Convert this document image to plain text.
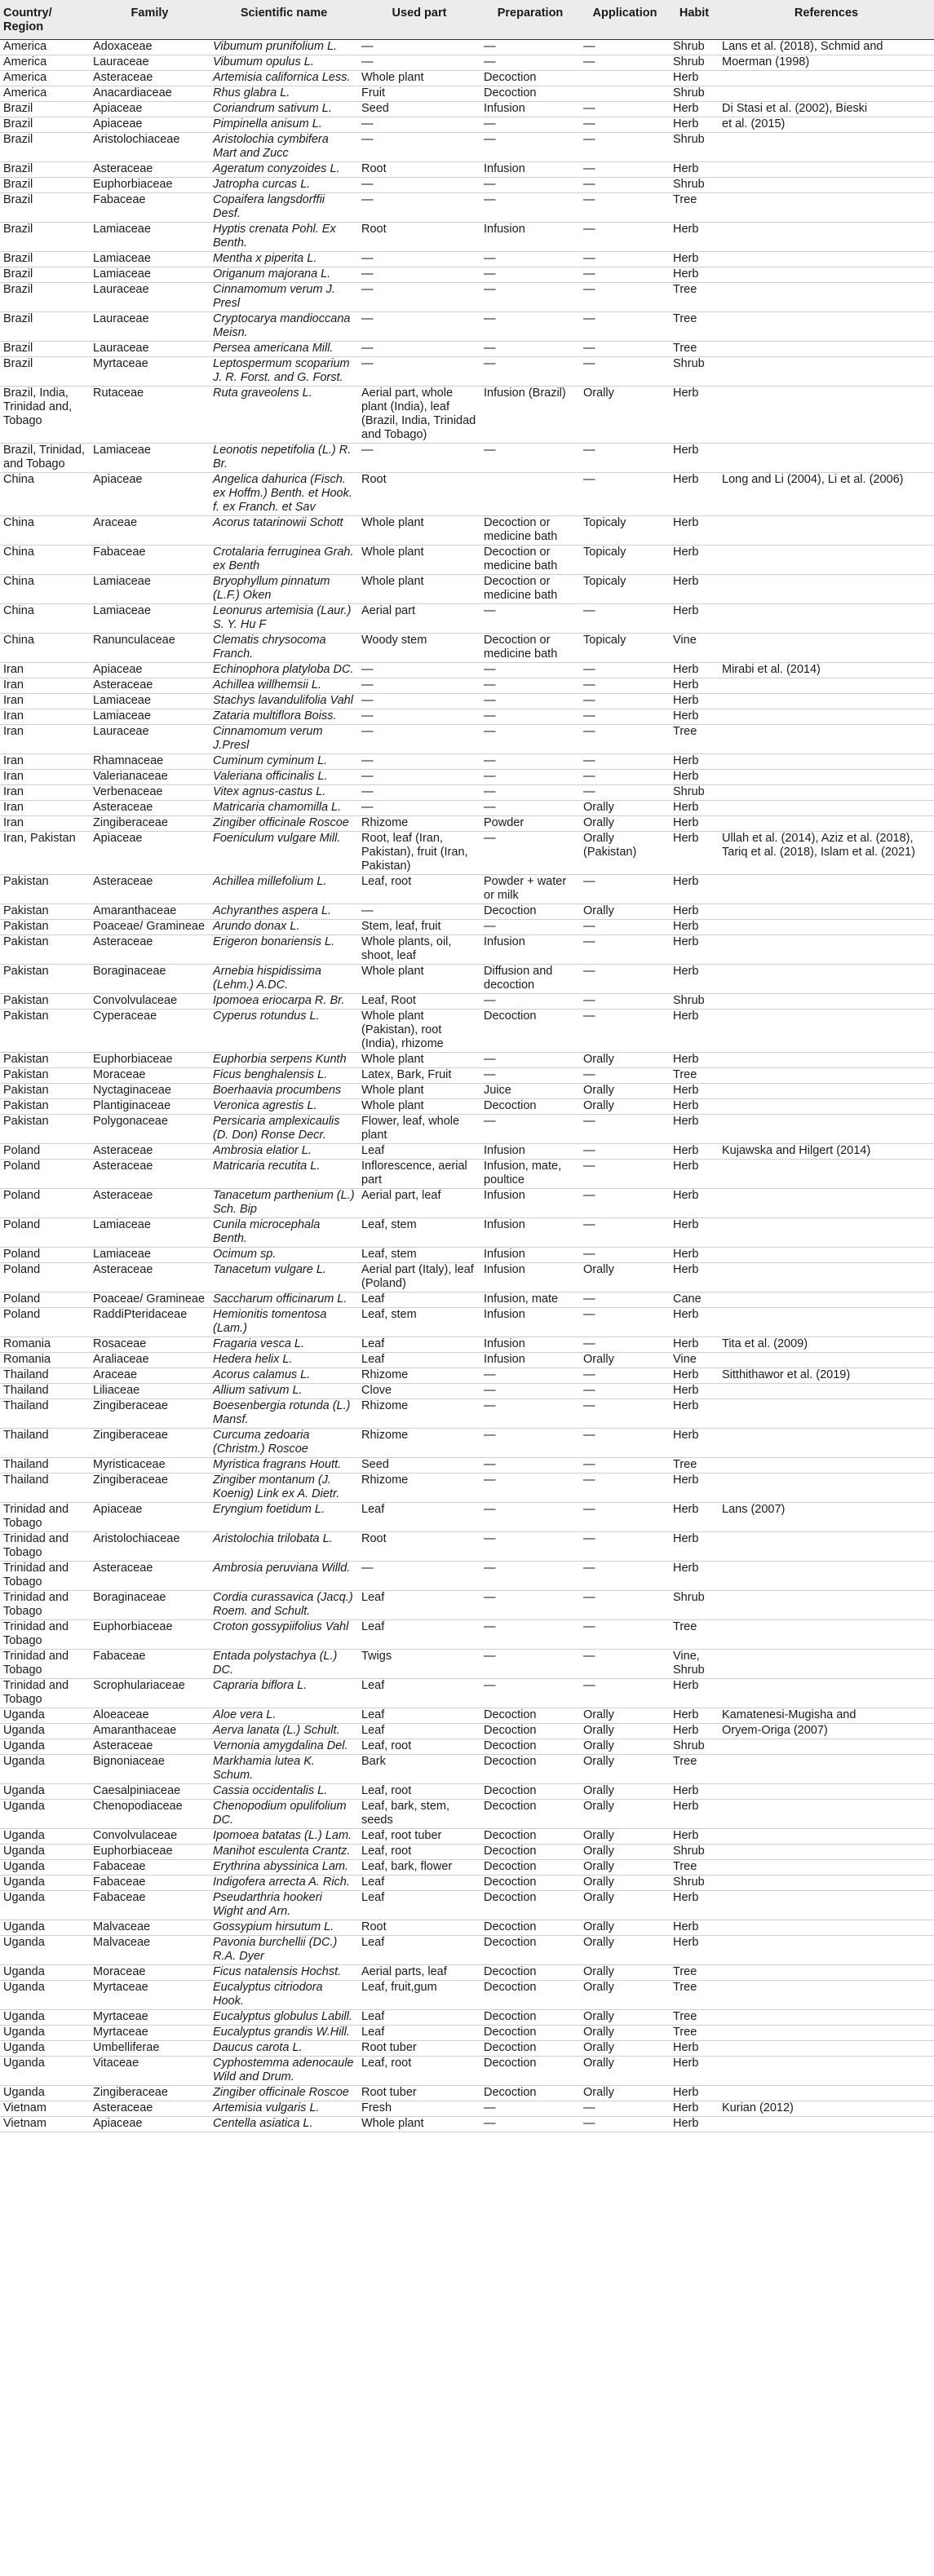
Country/ Region	Family	Scientific name	Used part	Preparation	Application	Habit	References
America	Adoxaceae	Vibumum prunifolium L.	—	—	—	Shrub	Lans et al. (2018), Schmid and
America	Lauraceae	Vibumum opulus L.	—	—	—	Shrub	Moerman (1998)
America	Asteraceae	Artemisia californica Less.	Whole plant	Decoction		Herb	
America	Anacardiaceae	Rhus glabra L.	Fruit	Decoction		Shrub	
Brazil	Apiaceae	Coriandrum sativum L.	Seed	Infusion	—	Herb	Di Stasi et al. (2002), Bieski
Brazil	Apiaceae	Pimpinella anisum L.	—	—	—	Herb	et al. (2015)
Brazil	Aristolochiaceae	Aristolochia cymbifera Mart and Zucc	—	—	—	Shrub	
Brazil	Asteraceae	Ageratum conyzoides L.	Root	Infusion	—	Herb	
Brazil	Euphorbiaceae	Jatropha curcas L.	—	—	—	Shrub	
Brazil	Fabaceae	Copaifera langsdorffii Desf.	—	—	—	Tree	
Brazil	Lamiaceae	Hyptis crenata Pohl. Ex Benth.	Root	Infusion	—	Herb	
Brazil	Lamiaceae	Mentha x piperita L.	—	—	—	Herb	
Brazil	Lamiaceae	Origanum majorana L.	—	—	—	Herb	
Brazil	Lauraceae	Cinnamomum verum J. Presl	—	—	—	Tree	
Brazil	Lauraceae	Cryptocarya mandioccana Meisn.	—	—	—	Tree	
Brazil	Lauraceae	Persea americana Mill.	—	—	—	Tree	
Brazil	Myrtaceae	Leptospermum scoparium J. R. Forst. and G. Forst.	—	—	—	Shrub	
Brazil, India, Trinidad and, Tobago	Rutaceae	Ruta graveolens L.	Aerial part, whole plant (India), leaf (Brazil, India, Trinidad and Tobago)	Infusion (Brazil)	Orally	Herb	
Brazil, Trinidad, and Tobago	Lamiaceae	Leonotis nepetifolia (L.) R. Br.	—	—	—	Herb	
China	Apiaceae	Angelica dahurica (Fisch. ex Hoffm.) Benth. et Hook. f. ex Franch. et Sav	Root		—	Herb	Long and Li (2004), Li et al. (2006)
China	Araceae	Acorus tatarinowii Schott	Whole plant	Decoction or medicine bath	Topicaly	Herb	
China	Fabaceae	Crotalaria ferruginea Grah. ex Benth	Whole plant	Decoction or medicine bath	Topicaly	Herb	
China	Lamiaceae	Bryophyllum pinnatum (L.F.) Oken	Whole plant	Decoction or medicine bath	Topicaly	Herb	
China	Lamiaceae	Leonurus artemisia (Laur.) S. Y. Hu F	Aerial part	—	—	Herb	
China	Ranunculaceae	Clematis chrysocoma Franch.	Woody stem	Decoction or medicine bath	Topicaly	Vine	
Iran	Apiaceae	Echinophora platyloba DC.	—	—	—	Herb	Mirabi et al. (2014)
Iran	Asteraceae	Achillea willhemsii L.	—	—	—	Herb	
Iran	Lamiaceae	Stachys lavandulifolia Vahl	—	—	—	Herb	
Iran	Lamiaceae	Zataria multiflora Boiss.	—	—	—	Herb	
Iran	Lauraceae	Cinnamomum verum J.Presl	—	—	—	Tree	
Iran	Rhamnaceae	Cuminum cyminum L.	—	—	—	Herb	
Iran	Valerianaceae	Valeriana officinalis L.	—	—	—	Herb	
Iran	Verbenaceae	Vitex agnus-castus L.	—	—	—	Shrub	
Iran	Asteraceae	Matricaria chamomilla L.	—	—	Orally	Herb	
Iran	Zingiberaceae	Zingiber officinale Roscoe	Rhizome	Powder	Orally	Herb	
Iran, Pakistan	Apiaceae	Foeniculum vulgare Mill.	Root, leaf (Iran, Pakistan), fruit (Iran, Pakistan)	—	Orally (Pakistan)	Herb	Ullah et al. (2014), Aziz et al. (2018), Tariq et al. (2018), Islam et al. (2021)
Pakistan	Asteraceae	Achillea millefolium L.	Leaf, root	Powder + water or milk	—	Herb	
Pakistan	Amaranthaceae	Achyranthes aspera L.	—	Decoction	Orally	Herb	
Pakistan	Poaceae/ Gramineae	Arundo donax L.	Stem, leaf, fruit	—	—	Herb	
Pakistan	Asteraceae	Erigeron bonariensis L.	Whole plants, oil, shoot, leaf	Infusion	—	Herb	
Pakistan	Boraginaceae	Arnebia hispidissima (Lehm.) A.DC.	Whole plant	Diffusion and decoction	—	Herb	
Pakistan	Convolvulaceae	Ipomoea eriocarpa R. Br.	Leaf, Root	—	—	Shrub	
Pakistan	Cyperaceae	Cyperus rotundus L.	Whole plant (Pakistan), root (India), rhizome	Decoction	—	Herb	
Pakistan	Euphorbiaceae	Euphorbia serpens Kunth	Whole plant	—	Orally	Herb	
Pakistan	Moraceae	Ficus benghalensis L.	Latex, Bark, Fruit	—	—	Tree	
Pakistan	Nyctaginaceae	Boerhaavia procumbens	Whole plant	Juice	Orally	Herb	
Pakistan	Plantiginaceae	Veronica agrestis L.	Whole plant	Decoction	Orally	Herb	
Pakistan	Polygonaceae	Persicaria amplexicaulis (D. Don) Ronse Decr.	Flower, leaf, whole plant	—	—	Herb	
Poland	Asteraceae	Ambrosia elatior L.	Leaf	Infusion	—	Herb	Kujawska and Hilgert (2014)
Poland	Asteraceae	Matricaria recutita L.	Inflorescence, aerial part	Infusion, mate, poultice	—	Herb	
Poland	Asteraceae	Tanacetum parthenium (L.) Sch. Bip	Aerial part, leaf	Infusion	—	Herb	
Poland	Lamiaceae	Cunila microcephala Benth.	Leaf, stem	Infusion	—	Herb	
Poland	Lamiaceae	Ocimum sp.	Leaf, stem	Infusion	—	Herb	
Poland	Asteraceae	Tanacetum vulgare L.	Aerial part (Italy), leaf (Poland)	Infusion	Orally	Herb	
Poland	Poaceae/ Gramineae	Saccharum officinarum L.	Leaf	Infusion, mate	—	Cane	
Poland	RaddiPteridaceae	Hemionitis tomentosa (Lam.)	Leaf, stem	Infusion	—	Herb	
Romania	Rosaceae	Fragaria vesca L.	Leaf	Infusion	—	Herb	Tita et al. (2009)
Romania	Araliaceae	Hedera helix L.	Leaf	Infusion	Orally	Vine	
Thailand	Araceae	Acorus calamus L.	Rhizome	—	—	Herb	Sitthithawor et al. (2019)
Thailand	Liliaceae	Allium sativum L.	Clove	—	—	Herb	
Thailand	Zingiberaceae	Boesenbergia rotunda (L.) Mansf.	Rhizome	—	—	Herb	
Thailand	Zingiberaceae	Curcuma zedoaria (Christm.) Roscoe	Rhizome	—	—	Herb	
Thailand	Myristicaceae	Myristica fragrans Houtt.	Seed	—	—	Tree	
Thailand	Zingiberaceae	Zingiber montanum (J. Koenig) Link ex A. Dietr.	Rhizome	—	—	Herb	
Trinidad and Tobago	Apiaceae	Eryngium foetidum L.	Leaf	—	—	Herb	Lans (2007)
Trinidad and Tobago	Aristolochiaceae	Aristolochia trilobata L.	Root	—	—	Herb	
Trinidad and Tobago	Asteraceae	Ambrosia peruviana Willd.	—	—	—	Herb	
Trinidad and Tobago	Boraginaceae	Cordia curassavica (Jacq.) Roem. and Schult.	Leaf	—	—	Shrub	
Trinidad and Tobago	Euphorbiaceae	Croton gossypiifolius Vahl	Leaf	—	—	Tree	
Trinidad and Tobago	Fabaceae	Entada polystachya (L.) DC.	Twigs	—	—	Vine, Shrub	
Trinidad and Tobago	Scrophulariaceae	Capraria biflora L.	Leaf	—	—	Herb	
Uganda	Aloeaceae	Aloe vera L.	Leaf	Decoction	Orally	Herb	Kamatenesi-Mugisha and
Uganda	Amaranthaceae	Aerva lanata (L.) Schult.	Leaf	Decoction	Orally	Herb	Oryem-Origa (2007)
Uganda	Asteraceae	Vernonia amygdalina Del.	Leaf, root	Decoction	Orally	Shrub	
Uganda	Bignoniaceae	Markhamia lutea K. Schum.	Bark	Decoction	Orally	Tree	
Uganda	Caesalpiniaceae	Cassia occidentalis L.	Leaf, root	Decoction	Orally	Herb	
Uganda	Chenopodiaceae	Chenopodium opulifolium DC.	Leaf, bark, stem, seeds	Decoction	Orally	Herb	
Uganda	Convolvulaceae	Ipomoea batatas (L.) Lam.	Leaf, root tuber	Decoction	Orally	Herb	
Uganda	Euphorbiaceae	Manihot esculenta Crantz.	Leaf, root	Decoction	Orally	Shrub	
Uganda	Fabaceae	Erythrina abyssinica Lam.	Leaf, bark, flower	Decoction	Orally	Tree	
Uganda	Fabaceae	Indigofera arrecta A. Rich.	Leaf	Decoction	Orally	Shrub	
Uganda	Fabaceae	Pseudarthria hookeri Wight and Arn.	Leaf	Decoction	Orally	Herb	
Uganda	Malvaceae	Gossypium hirsutum L.	Root	Decoction	Orally	Herb	
Uganda	Malvaceae	Pavonia burchellii (DC.) R.A. Dyer	Leaf	Decoction	Orally	Herb	
Uganda	Moraceae	Ficus natalensis Hochst.	Aerial parts, leaf	Decoction	Orally	Tree	
Uganda	Myrtaceae	Eucalyptus citriodora Hook.	Leaf, fruit,gum	Decoction	Orally	Tree	
Uganda	Myrtaceae	Eucalyptus globulus Labill.	Leaf	Decoction	Orally	Tree	
Uganda	Myrtaceae	Eucalyptus grandis W.Hill.	Leaf	Decoction	Orally	Tree	
Uganda	Umbelliferae	Daucus carota L.	Root tuber	Decoction	Orally	Herb	
Uganda	Vitaceae	Cyphostemma adenocaule Wild and Drum.	Leaf, root	Decoction	Orally	Herb	
Uganda	Zingiberaceae	Zingiber officinale Roscoe	Root tuber	Decoction	Orally	Herb	
Vietnam	Asteraceae	Artemisia vulgaris L.	Fresh	—	—	Herb	Kurian (2012)
Vietnam	Apiaceae	Centella asiatica L.	Whole plant	—	—	Herb	
